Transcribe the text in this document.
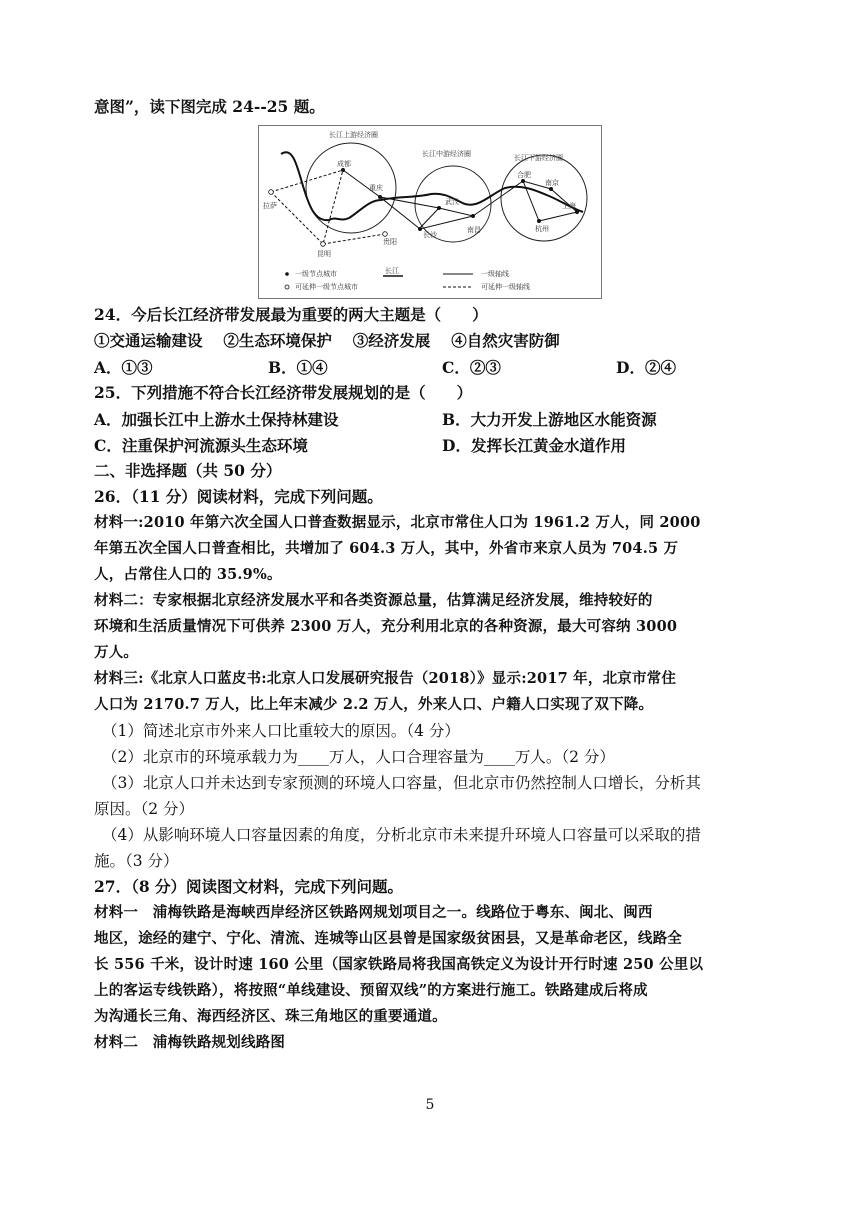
意图”，读下图完成 24--25 题。
长江上游经济圈
长江中游经济圈	长江下游经济圈
成都
重庆
拉萨
昆明
贵阳
武汉
长沙
南昌
合肥
南京
上海
杭州
一级节点城市
可延伸一级节点城市
长江	一级轴线
可延伸一级轴线
24．今后长江经济带发展最为重要的两大主题是（　　）
①交通运输建设　 ②生态环境保护　 ③经济发展　 ④自然灾害防御
A．①③	B．①④	C．②③	D．②④
25．下列措施不符合长江经济带发展规划的是（　　）
A．加强长江中上游水土保持林建设	B．大力开发上游地区水能资源
C．注重保护河流源头生态环境	D．发挥长江黄金水道作用
二、非选择题（共 50 分）
26．（11 分）阅读材料，完成下列问题。
材料一:2010 年第六次全国人口普查数据显示，北京市常住人口为 1961.2 万人，同 2000
年第五次全国人口普查相比，共增加了 604.3 万人，其中，外省市来京人员为 704.5 万
人，占常住人口的 35.9%。
材料二：专家根据北京经济发展水平和各类资源总量，估算满足经济发展，维持较好的
环境和生活质量情况下可供养 2300 万人，充分利用北京的各种资源，最大可容纳 3000
万人。
材料三:《北京人口蓝皮书:北京人口发展研究报告（2018）》显示:2017 年，北京市常住
人口为 2170.7 万人，比上年末减少 2.2 万人，外来人口、户籍人口实现了双下降。
（1）简述北京市外来人口比重较大的原因。（4 分）
（2）北京市的环境承载力为____万人，人口合理容量为____万人。（2 分）
（3）北京人口并未达到专家预测的环境人口容量，但北京市仍然控制人口增长，分析其
原因。（2 分）
（4）从影响环境人口容量因素的角度，分析北京市未来提升环境人口容量可以采取的措
施。（3 分）
27．（8 分）阅读图文材料，完成下列问题。
材料一　浦梅铁路是海峡西岸经济区铁路网规划项目之一。线路位于粤东、闽北、闽西
地区，途经的建宁、宁化、清流、连城等山区县曾是国家级贫困县，又是革命老区，线路全
长 556 千米，设计时速 160 公里（国家铁路局将我国高铁定义为设计开行时速 250 公里以
上的客运专线铁路），将按照“单线建设、预留双线”的方案进行施工。铁路建成后将成
为沟通长三角、海西经济区、珠三角地区的重要通道。
材料二　浦梅铁路规划线路图
5
